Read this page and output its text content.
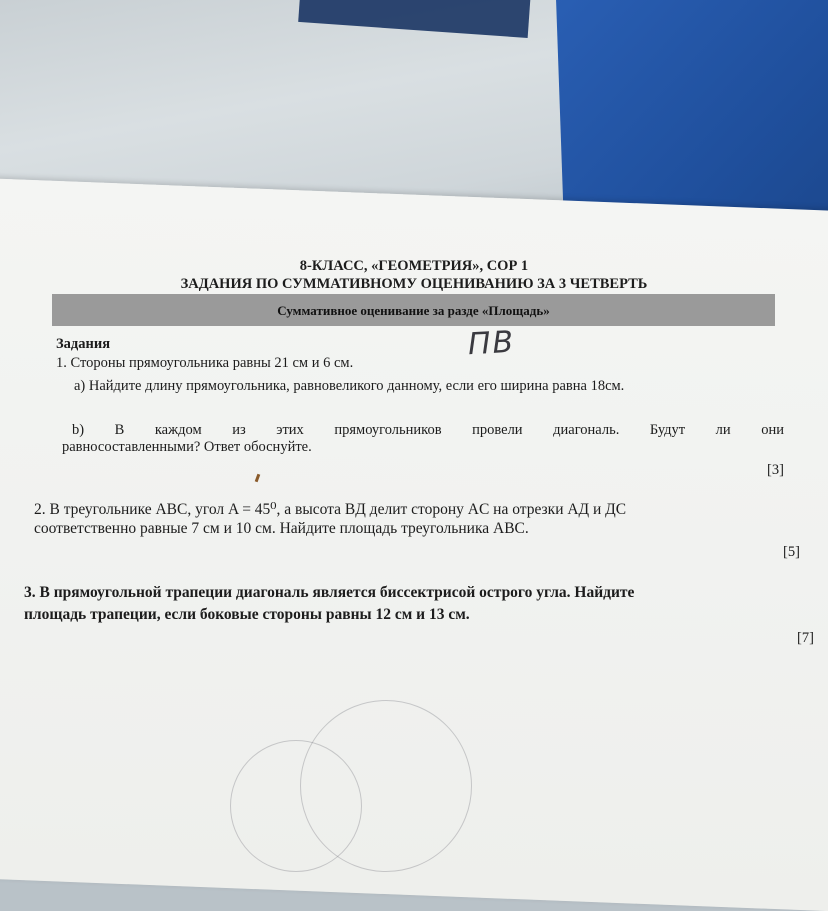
8-КЛАСС, «ГЕОМЕТРИЯ», СОР 1
ЗАДАНИЯ ПО СУММАТИВНОМУ ОЦЕНИВАНИЮ ЗА 3 ЧЕТВЕРТЬ
Суммативное оценивание за разде «Площадь»
ΠВ
Задания
1. Стороны прямоугольника равны 21 см и 6 см.
а) Найдите длину прямоугольника, равновеликого данному, если его ширина равна 18см.
b) В каждом из этих прямоугольников провели диагональ. Будут ли они
равносоставленными? Ответ обоснуйте.
[3]
2. В треугольнике ABC, угол A = 45⁰, а высота BД делит сторону AC на отрезки AД и ДC
соответственно равные 7 см и 10 см. Найдите площадь треугольника ABC.
[5]
3. В прямоугольной трапеции диагональ является биссектрисой острого угла. Найдите
площадь трапеции, если боковые стороны равны 12 см и 13 см.
[7]
